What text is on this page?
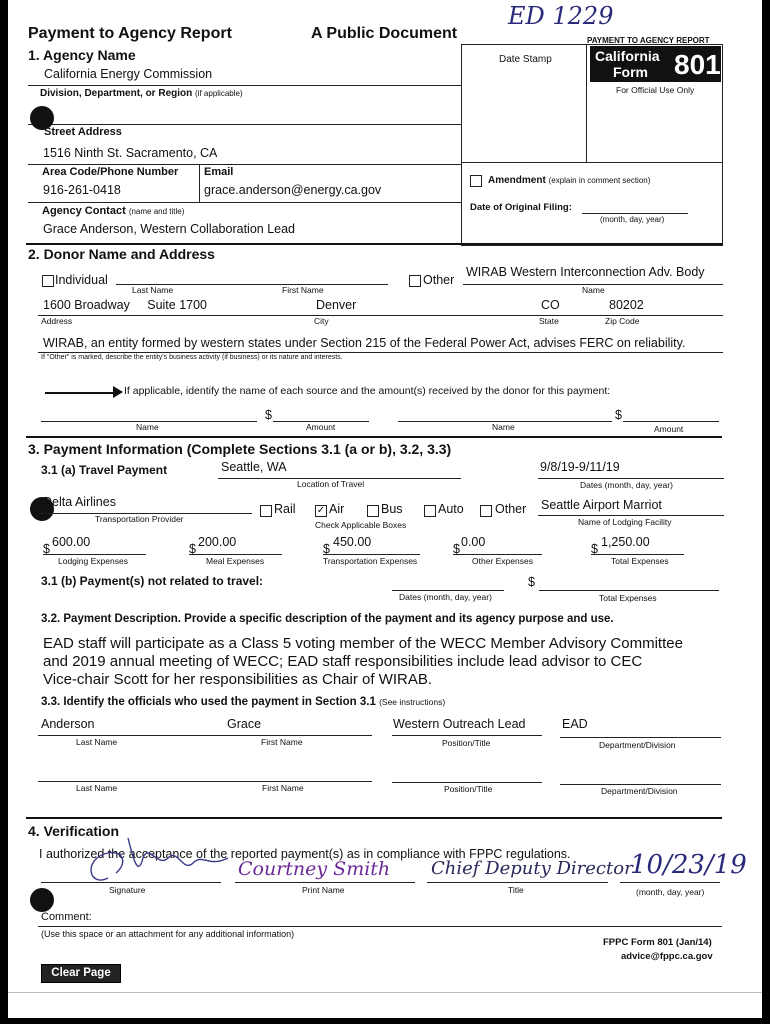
Payment to Agency Report	A Public Document
ED 1229
PAYMENT TO AGENCY REPORT
Date Stamp	California
Form 801
For Official Use Only
1. Agency Name
California Energy Commission
Division, Department, or Region (if applicable)
Street Address
1516 Ninth St. Sacramento, CA
Area Code/Phone Number Email
916-261-0418	grace.anderson@energy.ca.gov
Agency Contact (name and title)
Grace Anderson, Western Collaboration Lead
Amendment (explain in comment section)
Date of Original Filing:
(month, day, year)
2. Donor Name and Address
Individual
Last Name	First Name
Other
WIRAB Western Interconnection Adv. Body
Name
1600 Broadway     Suite 1700	Denver	CO	80202
Address	City	State	Zip Code
WIRAB, an entity formed by western states under Section 215 of the Federal Power Act, advises FERC on reliability.
If "Other" is marked, describe the entity's business activity (if business) or its nature and interests.
If applicable, identify the name of each source and the amount(s) received by the donor for this payment:
$	$
Name	Amount	Name	Amount
3. Payment Information (Complete Sections 3.1 (a or b), 3.2, 3.3)
3.1 (a) Travel Payment	Seattle, WA
Location of Travel
9/8/19-9/11/19
Dates (month, day, year)
Delta Airlines
Transportation Provider
Rail ✓ Air	Bus	Auto	Other
Check Applicable Boxes
Seattle Airport Marriot
Name of Lodging Facility
$ 600.00
Lodging Expenses
$ 200.00
Meal Expenses
$ 450.00
Transportation Expenses
$ 0.00
Other Expenses
$ 1,250.00
Total Expenses
3.1 (b) Payment(s) not related to travel:
Dates (month, day, year)
$
Total Expenses
3.2. Payment Description. Provide a specific description of the payment and its agency purpose and use.
EAD staff will participate as a Class 5 voting member of the WECC Member Advisory Committee
and 2019 annual meeting of WECC; EAD staff responsibilities include lead advisor to CEC
Vice-chair Scott for her responsibilities as Chair of WIRAB.
3.3. Identify the officials who used the payment in Section 3.1 (See instructions)
Anderson	Grace	Western Outreach Lead	EAD
Last Name	First Name	Position/Title	Department/Division
Last Name	First Name	Position/Title	Department/Division
4. Verification
I authorized the acceptance of the reported payment(s) as in compliance with FPPC regulations.
Courtney Smith Chief Deputy Director
10/23/19
Signature	Print Name	Title	(month, day, year)
Comment:
(Use this space or an attachment for any additional information)
FPPC Form 801 (Jan/14)
advice@fppc.ca.gov
Clear Page
